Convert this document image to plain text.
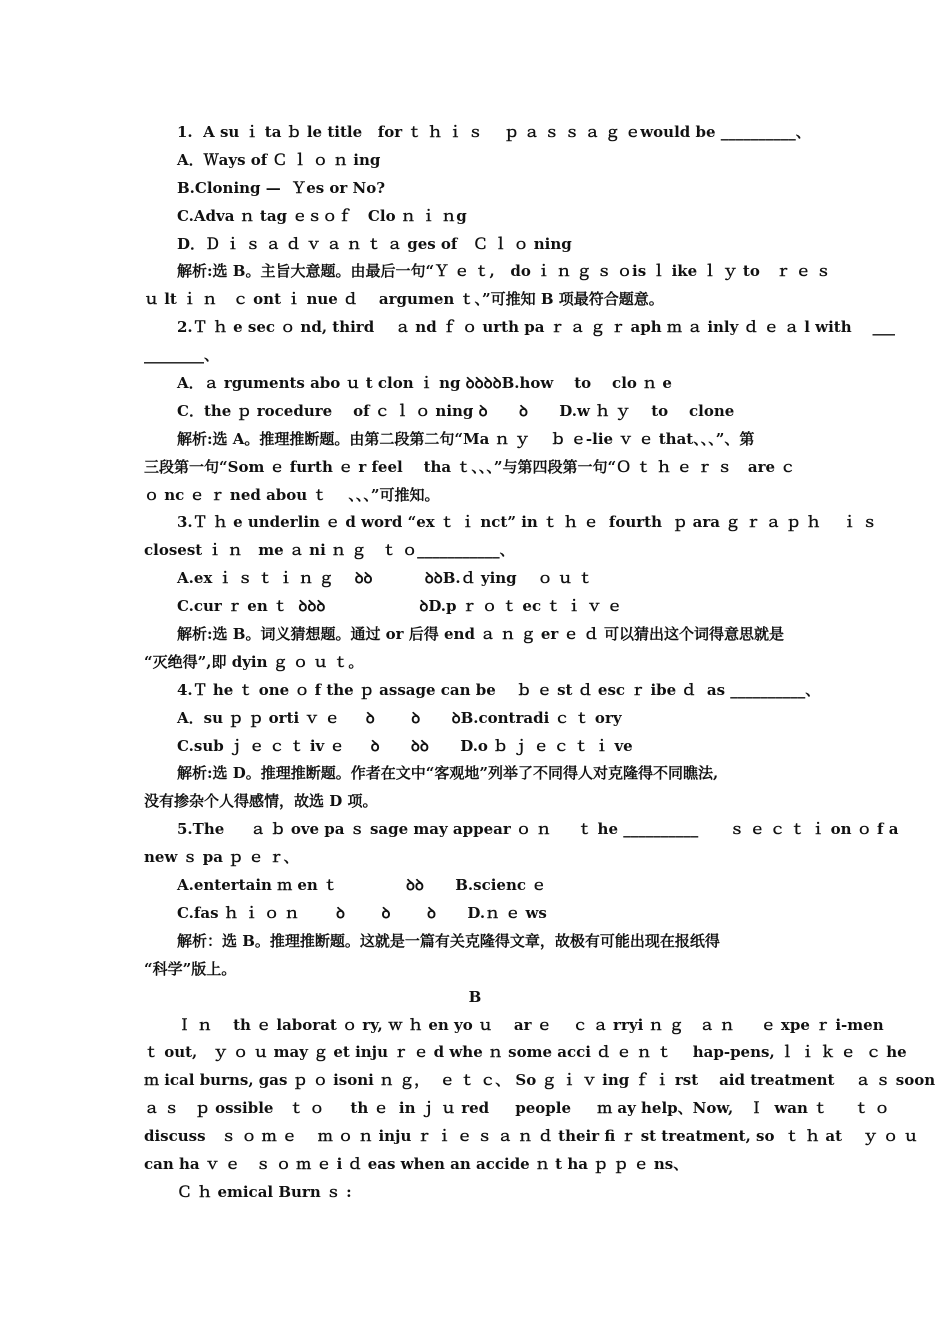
1.  A su ｉ ta ｂ le title   for ｔ ｈ ｉ ｓ    ｐ ａ ｓ ｓ ａ ｇ ｅwould be __________、
A．Ｗays of Ｃ ｌ ｏ ｎ ing
B.Cloning —  Ｙes or No?
C.Adva ｎ tag ｅｓｏｆ   Clo ｎ ｉ ｎg
D．Ｄ ｉ ｓ ａ ｄ ｖ ａ ｎ ｔ ａ ges of   Ｃ ｌ ｏ ning
解析:选 B。主旨大意题。由最后一句“Ｙ ｅ ｔ,   do ｉ ｎ ｇ ｓ ｏis ｌ ike ｌ ｙ to   ｒ ｅ ｓ
ｕ lt ｉ ｎ   ｃ ont ｉ nue ｄ    argumen ｔ、”可推知 B 项最符合题意。
2.Ｔ ｈ e sec ｏ nd, third    ａ nd ｆ ｏ urth pa ｒ ａ ｇ ｒ aph ｍ ａ inly ｄ ｅ ａ l with    ___
________、
A．ａ rguments abo ｕ t clon ｉ ng ꝺꝺꝺꝺB.how    to    clo ｎ e
C．the ｐ rocedure    of ｃ ｌ ｏ ning ꝺ      ꝺ      D.w ｈ ｙ    to    clone
解析:选 A。推理推断题。由第二段第二句“Ma ｎ ｙ    ｂ ｅ-lie ｖ ｅ that、、、”、第
三段第一句“Som ｅ furth ｅ r feel    tha ｔ、、、”与第四段第一句“Ｏ ｔ ｈ ｅ ｒ ｓ   are ｃ
ｏ nc ｅ ｒ ned abou ｔ    、、、”可推知。
3.Ｔ ｈ e underlin ｅ d word “ex ｔ ｉ nct” in ｔ ｈ ｅ  fourth  ｐ ara ｇ ｒ ａ ｐ ｈ    ｉ ｓ
closest ｉ ｎ   me ａ ni ｎ ｇ   ｔ ｏ___________、
A.ex ｉ ｓ ｔ ｉ ｎ ｇ    ꝺꝺ          ꝺꝺB.ｄ ying    ｏ ｕ ｔ
C.cur ｒ en ｔ  ꝺꝺꝺ                  ꝺD.p ｒ ｏ ｔ ec ｔ ｉ ｖ ｅ
解析:选 B。词义猜想题。通过 or 后得 end ａ ｎ ｇ er ｅ ｄ 可以猜出这个词得意思就是
“灭绝得”,即 dyin ｇ ｏ ｕ ｔ。
4.Ｔ he ｔ one ｏ f the ｐ assage can be    ｂ ｅ st ｄ esc ｒ ibe ｄ  as __________、
A．su ｐ ｐ orti ｖ ｅ     ꝺ       ꝺ      ꝺB.contradi ｃ ｔ ory
C.sub ｊ ｅ ｃ ｔ iv ｅ     ꝺ      ꝺꝺ      D.o ｂ ｊ ｅ ｃ ｔ ｉ ve
解析:选 D。推理推断题。作者在文中“客观地”列举了不同得人对克隆得不同瞧法,
没有掺杂个人得感情，故选 D 项。
5.The     ａ ｂ ove pa ｓ sage may appear ｏ ｎ     ｔ he __________      ｓ ｅ ｃ ｔ ｉ on ｏ f a
new ｓ pa ｐ ｅ ｒ、
A.entertain ｍ en ｔ             ꝺꝺ      B.scienc ｅ
C.fas ｈ ｉ ｏ ｎ       ꝺ       ꝺ       ꝺ      D.ｎ ｅ ws
解析：选 B。推理推断题。这就是一篇有关克隆得文章，故极有可能出现在报纸得
“科学”版上。
B
Ｉ ｎ    th ｅ laborat ｏ ry, ｗ ｈ en yo ｕ    ar ｅ    ｃ ａ rryi ｎ ｇ   ａ ｎ     ｅ xpe ｒ i-men
ｔ out,   ｙ ｏ ｕ may ｇ et inju ｒ ｅ d whe ｎ some acci ｄ ｅ ｎ ｔ    hap-pens, ｌ ｉ ｋ ｅ  ｃ he
ｍ ical burns, gas ｐ ｏ isoni ｎ ｇ，  ｅ ｔ ｃ、 So ｇ ｉ ｖ ing ｆ ｉ rst    aid treatment    ａ ｓ soon
ａ ｓ   ｐ ossible   ｔ ｏ     th ｅ  in ｊ ｕ red     people     ｍ ay help、Now,   Ｉ  wan ｔ     ｔ ｏ
discuss   ｓ ｏ ｍ ｅ    ｍ ｏ ｎ inju ｒ ｉ ｅ ｓ ａ ｎ ｄ their fi ｒ st treatment, so  ｔ ｈ at    ｙ ｏ ｕ
can ha ｖ ｅ   ｓ ｏ ｍ ｅ i ｄ eas when an accide ｎ t ha ｐ ｐ ｅ ns、
Ｃ ｈ emical Burn ｓ :
